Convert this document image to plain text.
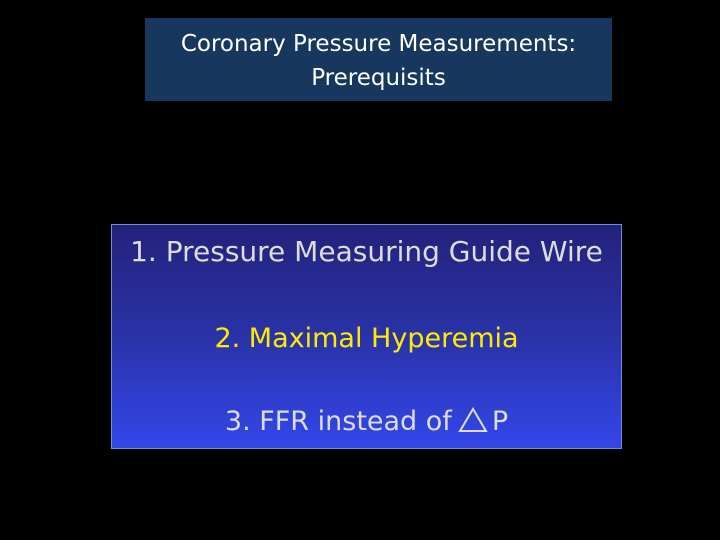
Coronary Pressure Measurements:
Prerequisits
1. Pressure Measuring Guide Wire
2. Maximal Hyperemia
3. FFR instead of P
